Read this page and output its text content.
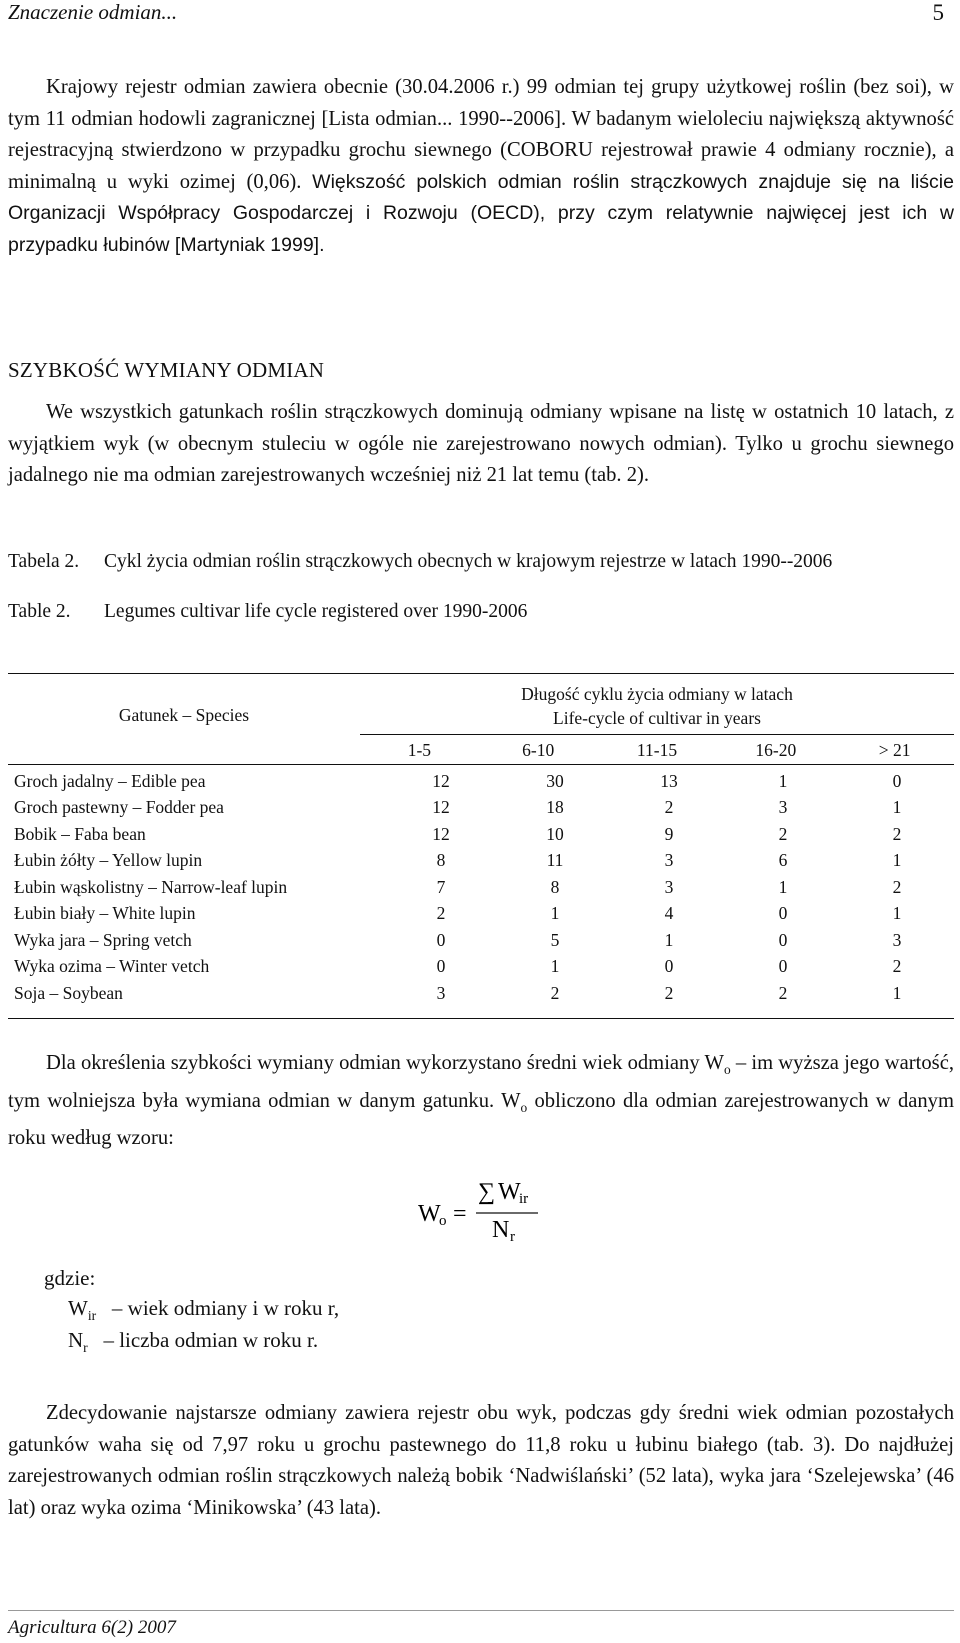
Znaczenie odmian...	5

Krajowy rejestr odmian zawiera obecnie (30.04.2006 r.) 99 odmian tej grupy użytkowej roślin (bez soi), w tym 11 odmian hodowli zagranicznej [Lista odmian... 1990--2006]. W badanym wieloleciu największą aktywność rejestracyjną stwierdzono w przypadku grochu siewnego (COBORU rejestrował prawie 4 odmiany rocznie), a minimalną u wyki ozimej (0,06). Większość polskich odmian roślin strączkowych znajduje się na liście Organizacji Współpracy Gospodarczej i Rozwoju (OECD), przy czym relatywnie najwięcej jest ich w przypadku łubinów [Martyniak 1999].

SZYBKOŚĆ WYMIANY ODMIAN

We wszystkich gatunkach roślin strączkowych dominują odmiany wpisane na listę w ostatnich 10 latach, z wyjątkiem wyk (w obecnym stuleciu w ogóle nie zarejestrowano nowych odmian). Tylko u grochu siewnego jadalnego nie ma odmian zarejestrowanych wcześniej niż 21 lat temu (tab. 2).

Tabela 2. Cykl życia odmian roślin strączkowych obecnych w krajowym rejestrze w latach 1990--2006
Table 2. Legumes cultivar life cycle registered over 1990-2006
Gatunek – Species
Długość cyklu życia odmiany w latach
Life-cycle of cultivar in years
1-5	6-10	11-15	16-20	> 21
Groch jadalny – Edible pea	12	30	13	1	0
Groch pastewny – Fodder pea	12	18	2	3	1
Bobik – Faba bean	12	10	9	2	2
Łubin żółty – Yellow lupin	8	11	3	6	1
Łubin wąskolistny – Narrow-leaf lupin	7	8	3	1	2
Łubin biały – White lupin	2	1	4	0	1
Wyka jara – Spring vetch	0	5	1	0	3
Wyka ozima – Winter vetch	0	1	0	0	2
Soja – Soybean	3	2	2	2	1

Dla określenia szybkości wymiany odmian wykorzystano średni wiek odmiany $W_o$ – im wyższa jego wartość, tym wolniejsza była wymiana odmian w danym gatunku. $W_o$ obliczono dla odmian zarejestrowanych w danym roku według wzoru:

W
o =
∑ W
ir
N r
gdzie:
$W_{ir}$ – wiek odmiany i w roku r,
$N_r$ – liczba odmian w roku r.

Zdecydowanie najstarsze odmiany zawiera rejestr obu wyk, podczas gdy średni wiek odmian pozostałych gatunków waha się od 7,97 roku u grochu pastewnego do 11,8 roku u łubinu białego (tab. 3). Do najdłużej zarejestrowanych odmian roślin strączkowych należą bobik ‘Nadwiślański’ (52 lata), wyka jara ‘Szelejewska’ (46 lat) oraz wyka ozima ‘Minikowska’ (43 lata).

Agricultura 6(2) 2007
